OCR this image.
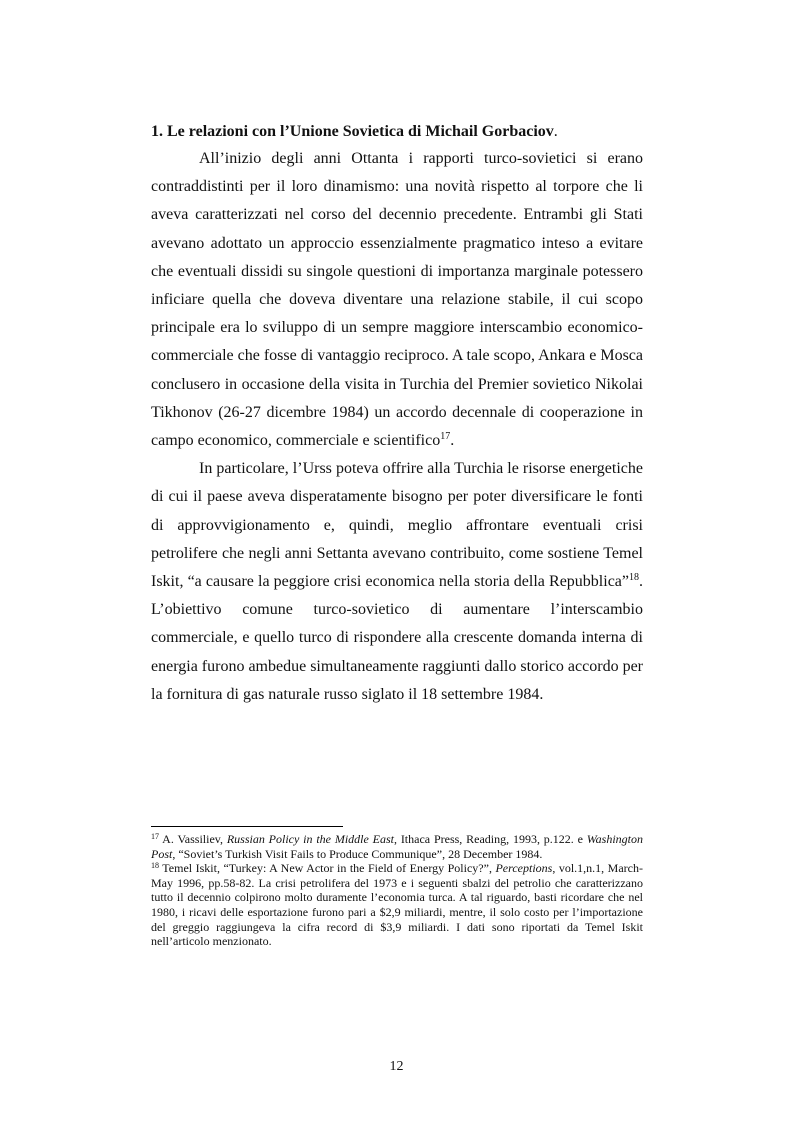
1. Le relazioni con l’Unione Sovietica di Michail Gorbaciov.

All’inizio degli anni Ottanta i rapporti turco-sovietici si erano contraddistinti per il loro dinamismo: una novità rispetto al torpore che li aveva caratterizzati nel corso del decennio precedente. Entrambi gli Stati avevano adottato un approccio essenzialmente pragmatico inteso a evitare che eventuali dissidi su singole questioni di importanza marginale potessero inficiare quella che doveva diventare una relazione stabile, il cui scopo principale era lo sviluppo di un sempre maggiore interscambio economico-commerciale che fosse di vantaggio reciproco. A tale scopo, Ankara e Mosca conclusero in occasione della visita in Turchia del Premier sovietico Nikolai Tikhonov (26-27 dicembre 1984) un accordo decennale di cooperazione in campo economico, commerciale e scientifico$^{17}$.

In particolare, l’Urss poteva offrire alla Turchia le risorse energetiche di cui il paese aveva disperatamente bisogno per poter diversificare le fonti di approvvigionamento e, quindi, meglio affrontare eventuali crisi petrolifere che negli anni Settanta avevano contribuito, come sostiene Temel Iskit, “a causare la peggiore crisi economica nella storia della Repubblica”$^{18}$. L’obiettivo comune turco-sovietico di aumentare l’interscambio commerciale, e quello turco di rispondere alla crescente domanda interna di energia furono ambedue simultaneamente raggiunti dallo storico accordo per la fornitura di gas naturale russo siglato il 18 settembre 1984.

$^{17}$ A. Vassiliev, Russian Policy in the Middle East, Ithaca Press, Reading, 1993, p.122. e Washington Post, “Soviet’s Turkish Visit Fails to Produce Communique”, 28 December 1984.

$^{18}$ Temel Iskit, “Turkey: A New Actor in the Field of Energy Policy?”, Perceptions, vol.1,n.1, March-May 1996, pp.58-82. La crisi petrolifera del 1973 e i seguenti sbalzi del petrolio che caratterizzano tutto il decennio colpirono molto duramente l’economia turca. A tal riguardo, basti ricordare che nel 1980, i ricavi delle esportazione furono pari a $2,9 miliardi, mentre, il solo costo per l’importazione del greggio raggiungeva la cifra record di $3,9 miliardi. I dati sono riportati da Temel Iskit nell’articolo menzionato.

12
